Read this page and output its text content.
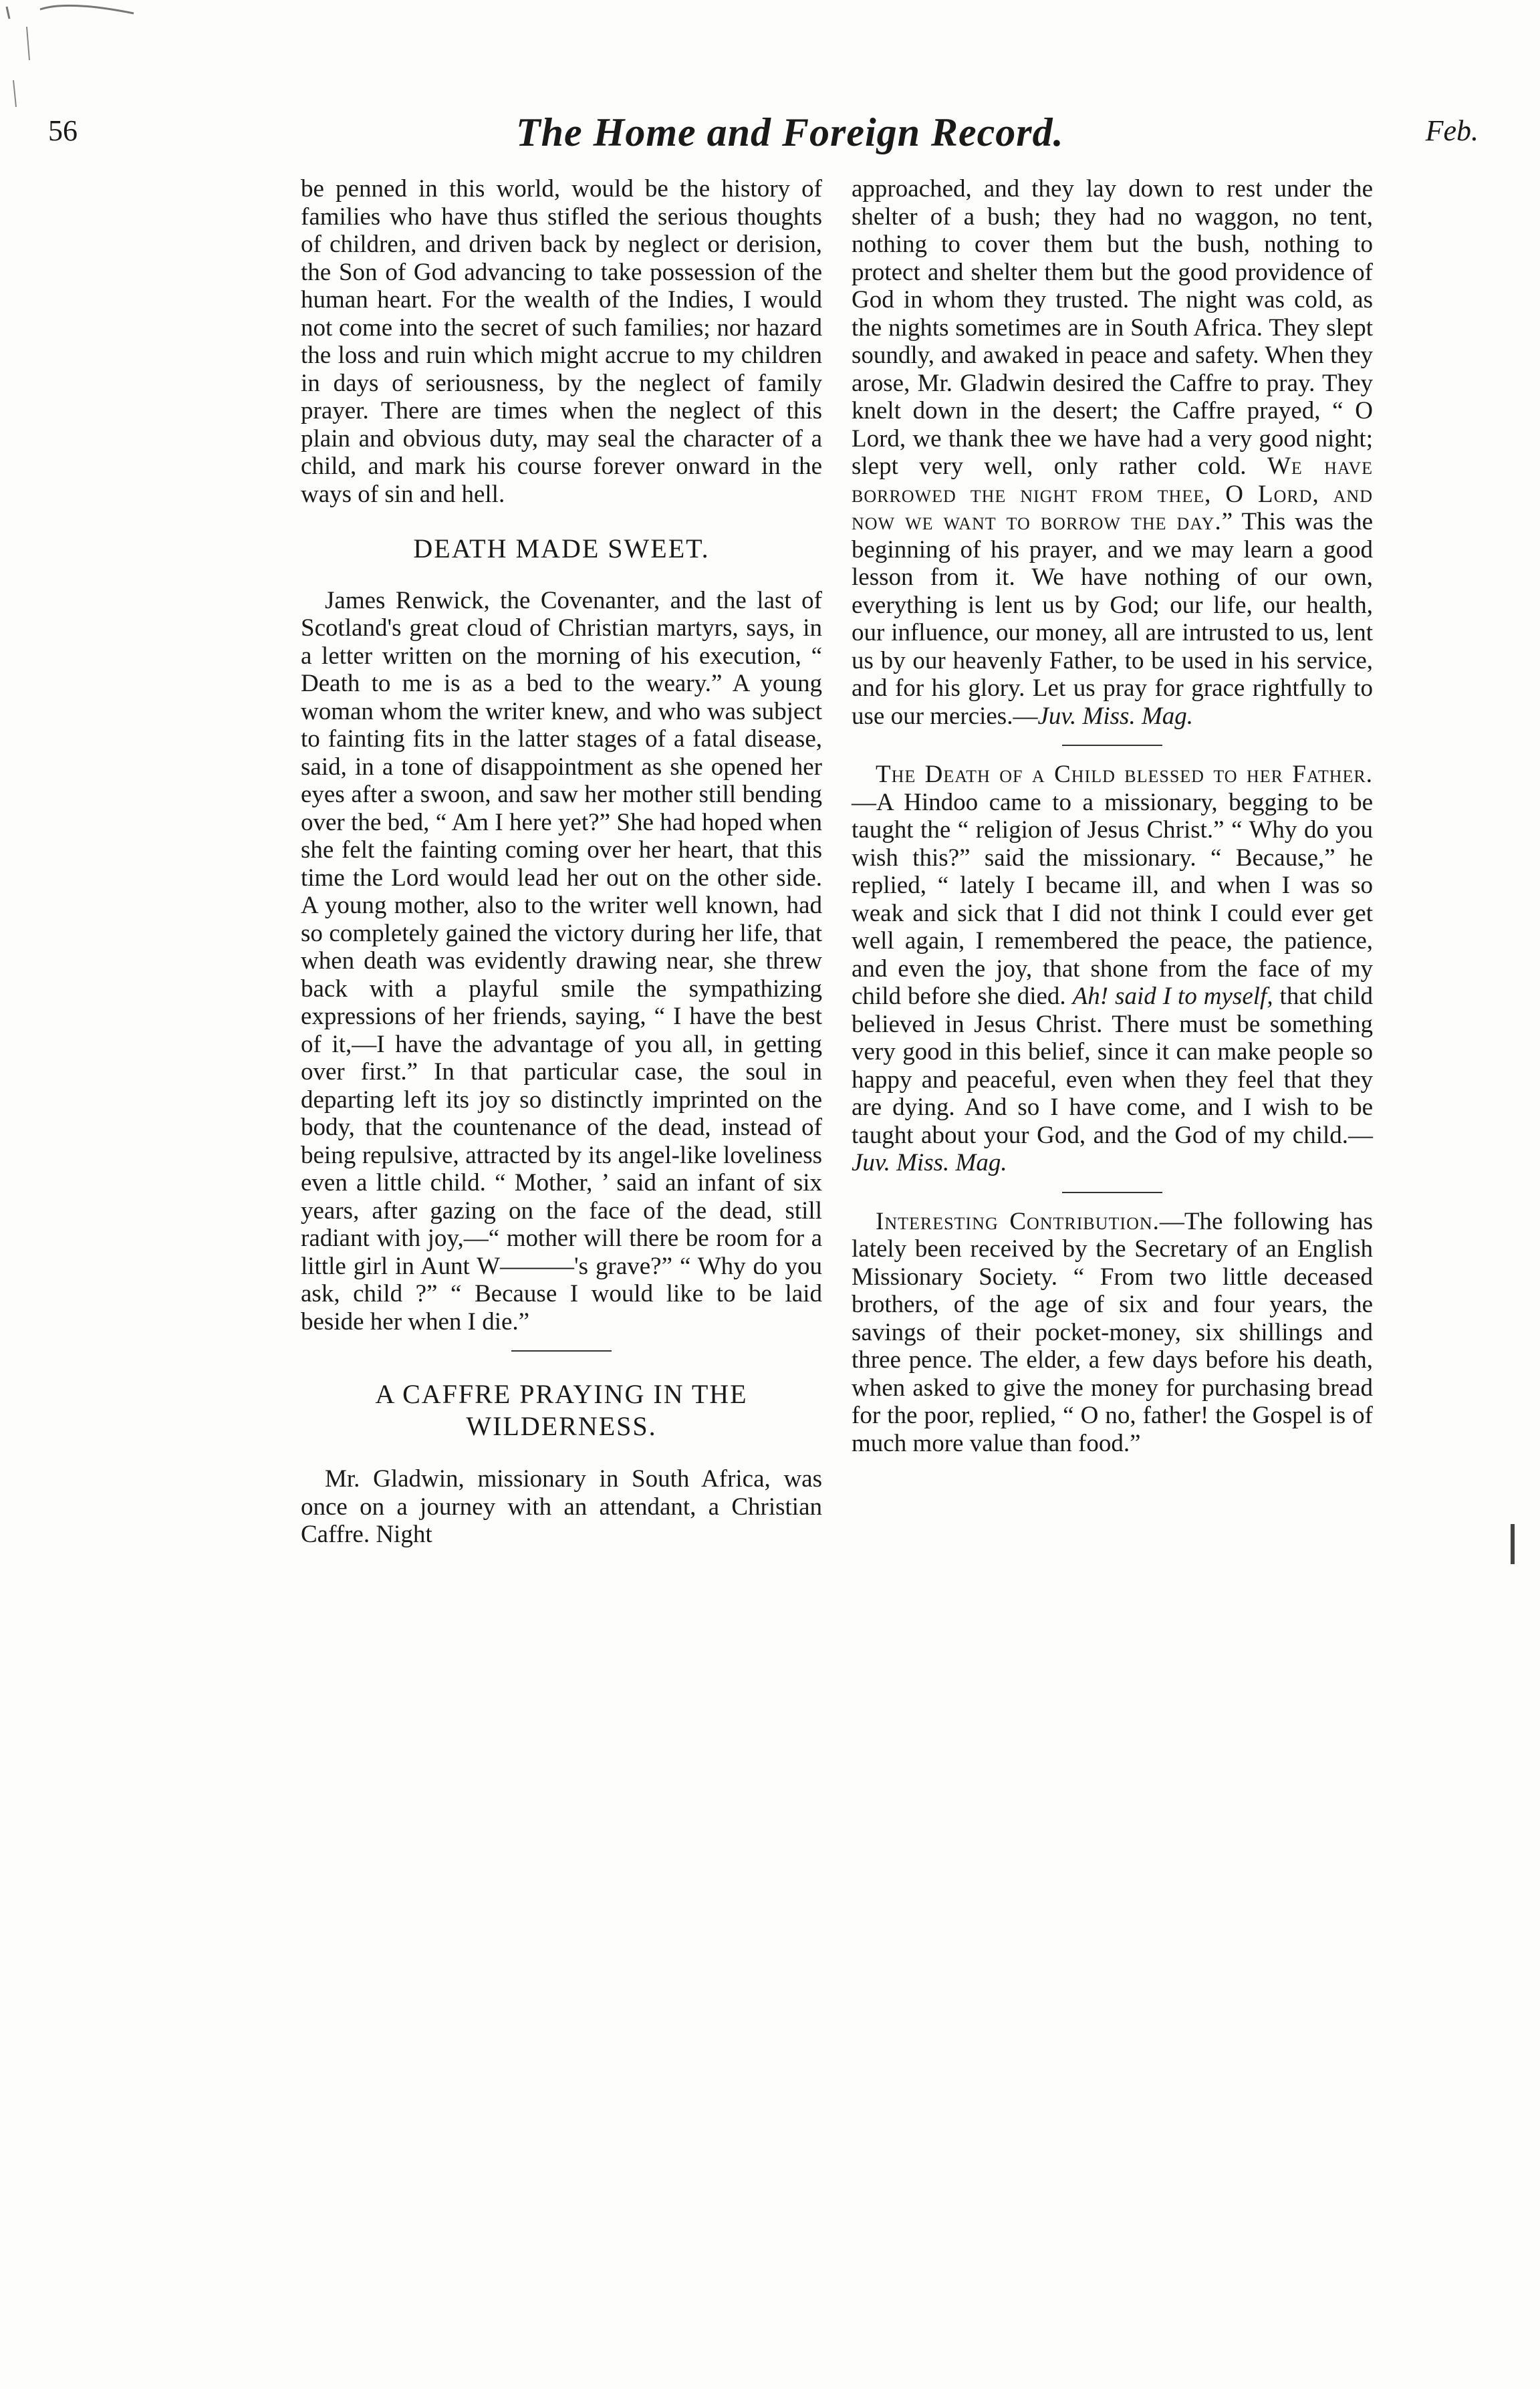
56	The Home and Foreign Record.	Feb.

be penned in this world, would be the history of families who have thus stifled the serious thoughts of children, and driven back by neglect or derision, the Son of God advancing to take possession of the human heart. For the wealth of the Indies, I would not come into the secret of such families; nor hazard the loss and ruin which might accrue to my children in days of seriousness, by the neglect of family prayer. There are times when the neglect of this plain and obvious duty, may seal the character of a child, and mark his course forever onward in the ways of sin and hell.

DEATH MADE SWEET.

James Renwick, the Covenanter, and the last of Scotland's great cloud of Christian martyrs, says, in a letter written on the morning of his execution, “ Death to me is as a bed to the weary.” A young woman whom the writer knew, and who was subject to fainting fits in the latter stages of a fatal disease, said, in a tone of disappointment as she opened her eyes after a swoon, and saw her mother still bending over the bed, “ Am I here yet?” She had hoped when she felt the fainting coming over her heart, that this time the Lord would lead her out on the other side. A young mother, also to the writer well known, had so completely gained the victory during her life, that when death was evidently drawing near, she threw back with a playful smile the sympathizing expressions of her friends, saying, “ I have the best of it,—I have the advantage of you all, in getting over first.” In that particular case, the soul in departing left its joy so distinctly imprinted on the body, that the countenance of the dead, instead of being repulsive, attracted by its angel-like loveliness even a little child. “ Mother, ’ said an infant of six years, after gazing on the face of the dead, still radiant with joy,—“ mother will there be room for a little girl in Aunt W———'s grave?” “ Why do you ask, child ?” “ Because I would like to be laid beside her when I die.”

A CAFFRE PRAYING IN THE WILDERNESS.

Mr. Gladwin, missionary in South Africa, was once on a journey with an attendant, a Christian Caffre. Night

approached, and they lay down to rest under the shelter of a bush; they had no waggon, no tent, nothing to cover them but the bush, nothing to protect and shelter them but the good providence of God in whom they trusted. The night was cold, as the nights sometimes are in South Africa. They slept soundly, and awaked in peace and safety. When they arose, Mr. Gladwin desired the Caffre to pray. They knelt down in the desert; the Caffre prayed, “ O Lord, we thank thee we have had a very good night; slept very well, only rather cold. We have borrowed the night from thee, O Lord, and now we want to borrow the day.” This was the beginning of his prayer, and we may learn a good lesson from it. We have nothing of our own, everything is lent us by God; our life, our health, our influence, our money, all are intrusted to us, lent us by our heavenly Father, to be used in his service, and for his glory. Let us pray for grace rightfully to use our mercies.—Juv. Miss. Mag.

The Death of a Child blessed to her Father.—A Hindoo came to a missionary, begging to be taught the “ religion of Jesus Christ.” “ Why do you wish this?” said the missionary. “ Because,” he replied, “ lately I became ill, and when I was so weak and sick that I did not think I could ever get well again, I remembered the peace, the patience, and even the joy, that shone from the face of my child before she died. Ah! said I to myself, that child believed in Jesus Christ. There must be something very good in this belief, since it can make people so happy and peaceful, even when they feel that they are dying. And so I have come, and I wish to be taught about your God, and the God of my child.—Juv. Miss. Mag.

Interesting Contribution.—The following has lately been received by the Secretary of an English Missionary Society. “ From two little deceased brothers, of the age of six and four years, the savings of their pocket-money, six shillings and three pence. The elder, a few days before his death, when asked to give the money for purchasing bread for the poor, replied, “ O no, father! the Gospel is of much more value than food.”
